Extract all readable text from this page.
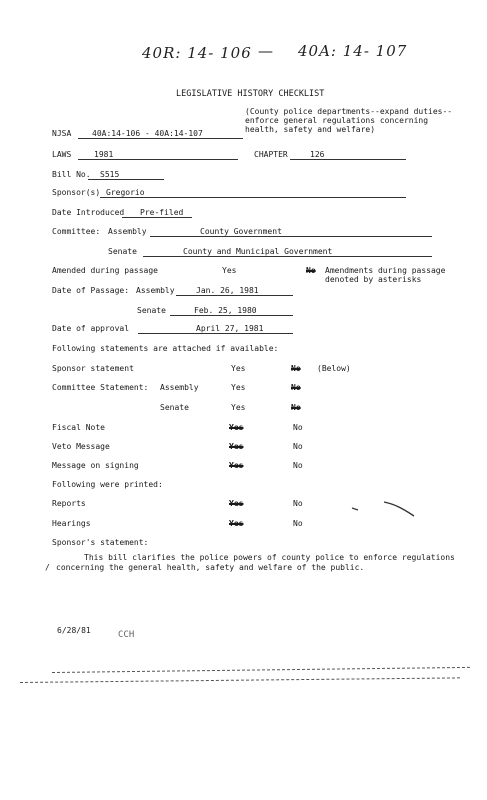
40R: 14- 106 — 40A: 14- 107
LEGISLATIVE HISTORY CHECKLIST
(County police departments--expand duties--
enforce general regulations concerning
health, safety and welfare)
NJSA	40A:14-106 - 40A:14-107
LAWS	1981	CHAPTER	126
Bill No.	S515
Sponsor(s) Gregorio
Date Introduced	Pre-filed
Committee: Assembly	County Government
Senate	County and Municipal Government
Amended during passage	Yes	No Amendments during passage
denoted by asterisks
Date of Passage: Assembly	Jan. 26, 1981
Senate	Feb. 25, 1980
Date of approval	April 27, 1981
Following statements are attached if available:
Sponsor statement	Yes	No (Below)
Committee Statement: Assembly	Yes	No
Senate	Yes	No
Fiscal Note	Yes	No
Veto Message	Yes	No
Message on signing	Yes	No
Following were printed:
Reports	Yes	No
Hearings	Yes	No
Sponsor's statement:
/
This bill clarifies the police powers of county police to enforce regulations
concerning the general health, safety and welfare of the public.
6/28/81	CCH
